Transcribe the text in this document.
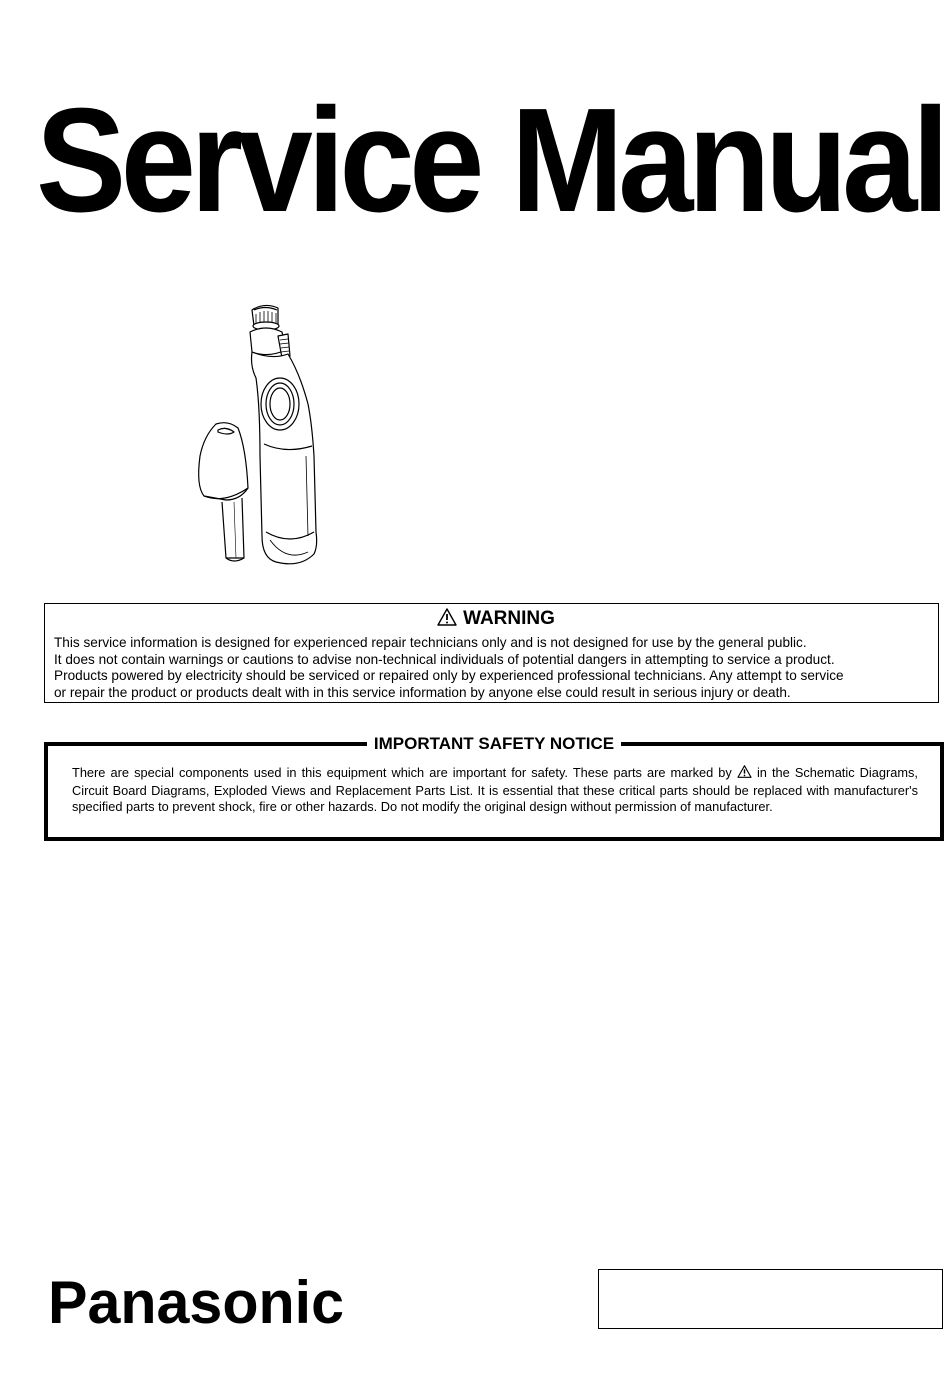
Service Manual
WARNING
This service information is designed for experienced repair technicians only and is not designed for use by the general public.
It does not contain warnings or cautions to advise non-technical individuals of potential dangers in attempting to service a product.
Products powered by electricity should be serviced or repaired only by experienced professional technicians. Any attempt to service
or repair the product or products dealt with in this service information by anyone else could result in serious injury or death.
IMPORTANT SAFETY NOTICE
There are special components used in this equipment which are important for safety. These parts are marked by  in the Schematic Diagrams, Circuit Board Diagrams, Exploded Views and Replacement Parts List. It is essential that these critical parts should be replaced with manufacturer's specified parts to prevent shock, fire or other hazards. Do not modify the original design without permission of manufacturer.
Panasonic
